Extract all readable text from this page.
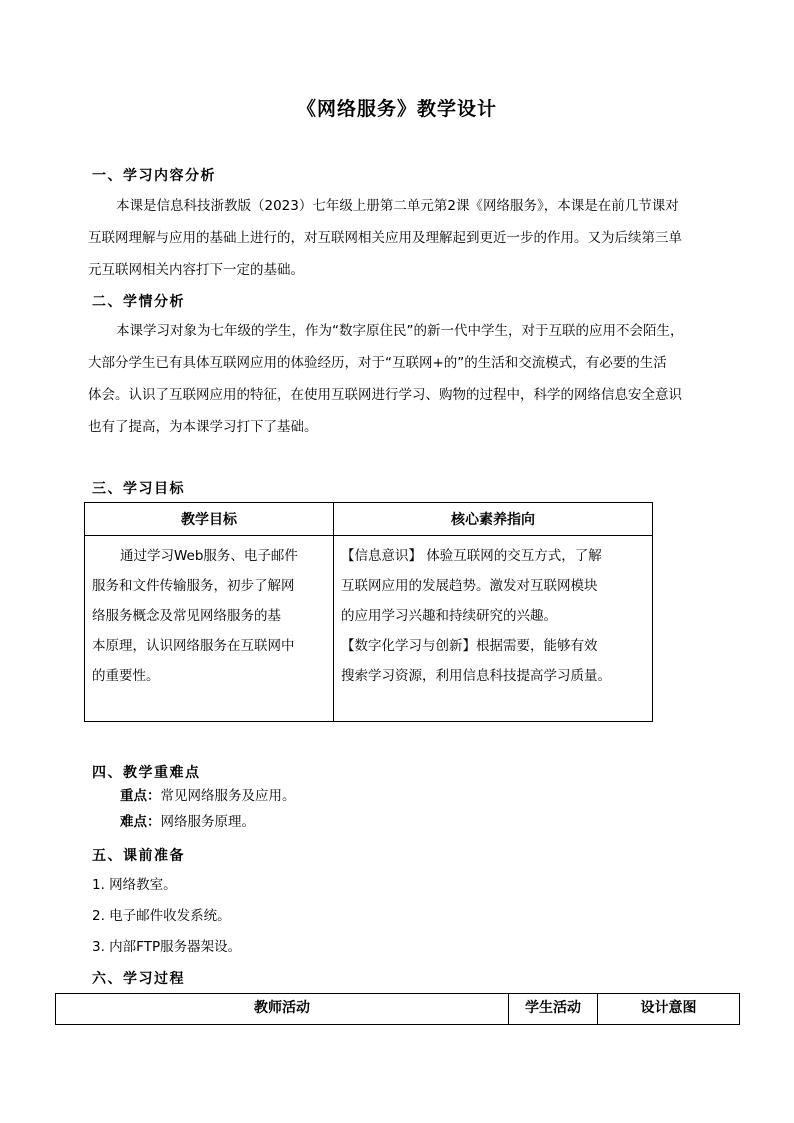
《网络服务》教学设计
一、学习内容分析
本课是信息科技浙教版（2023）七年级上册第二单元第2课《网络服务》，本课是在前几节课对
互联网理解与应用的基础上进行的，对互联网相关应用及理解起到更近一步的作用。又为后续第三单
元互联网相关内容打下一定的基础。
二、学情分析
本课学习对象为七年级的学生，作为“数字原住民”的新一代中学生，对于互联的应用不会陌生，
大部分学生已有具体互联网应用的体验经历，对于“互联网+的”的生活和交流模式，有必要的生活
体会。认识了互联网应用的特征，在使用互联网进行学习、购物的过程中，科学的网络信息安全意识
也有了提高，为本课学习打下了基础。
三、学习目标
教学目标	核心素养指向

通过学习Web服务、电子邮件
服务和文件传输服务，初步了解网
络服务概念及常见网络服务的基
本原理，认识网络服务在互联网中
的重要性。	【信息意识】 体验互联网的交互方式，了解
互联网应用的发展趋势。激发对互联网模块
的应用学习兴趣和持续研究的兴趣。
【数字化学习与创新】根据需要，能够有效
搜索学习资源，利用信息科技提高学习质量。
四、教学重难点
重点：常见网络服务及应用。
难点：网络服务原理。
五、课前准备
1. 网络教室。
2. 电子邮件收发系统。
3. 内部FTP服务器架设。
六、学习过程
教师活动	学生活动	设计意图
